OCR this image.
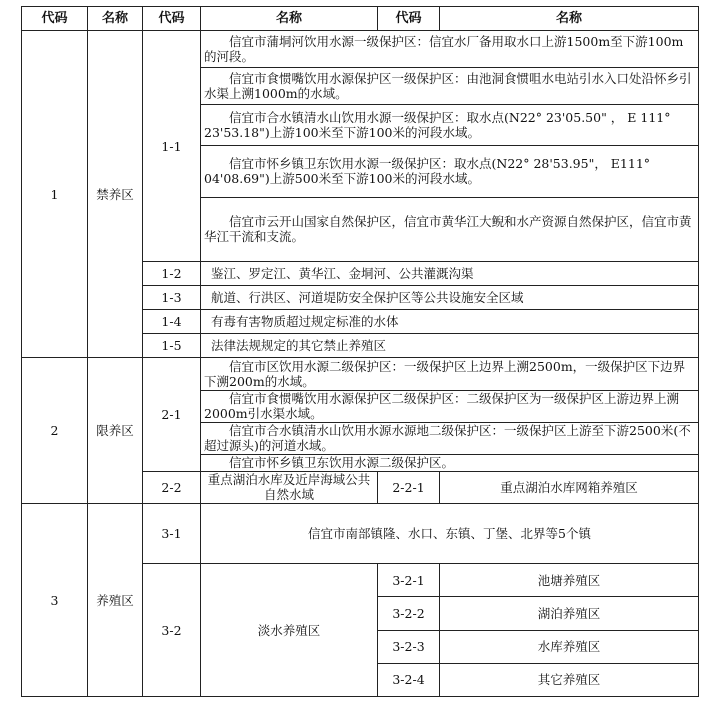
代码	名称	代码	名称	代码	名称
1	禁养区	1-1	信宜市蒲垌河饮用水源一级保护区：信宜水厂备用取水口上游1500m至下游100m的河段。		
			信宜市食惯嘴饮用水源保护区一级保护区：由池洞食惯咀水电站引水入口处沿怀乡引水渠上溯1000m的水域。		
			信宜市合水镇清水山饮用水源一级保护区：取水点(N22° 23'05.50" ， E 111° 23'53.18")上游100米至下游100米的河段水域。		
			信宜市怀乡镇卫东饮用水源一级保护区：取水点(N22° 28'53.95"， E111° 04'08.69")上游500米至下游100米的河段水域。		
			信宜市云开山国家自然保护区，信宜市黄华江大鲵和水产资源自然保护区，信宜市黄华江干流和支流。		
		1-2	鉴江、罗定江、黄华江、金垌河、公共灌溉沟渠		
		1-3	航道、行洪区、河道堤防安全保护区等公共设施安全区域		
		1-4	有毒有害物质超过规定标准的水体		
		1-5	法律法规规定的其它禁止养殖区		
2	限养区	2-1	信宜市区饮用水源二级保护区：一级保护区上边界上溯2500m，一级保护区下边界下溯200m的水域。		
			信宜市食惯嘴饮用水源保护区二级保护区：二级保护区为一级保护区上游边界上溯2000m引水渠水域。		
			信宜市合水镇清水山饮用水源水源地二级保护区：一级保护区上游至下游2500米(不超过源头)的河道水域。		
			信宜市怀乡镇卫东饮用水源二级保护区。		
		2-2	重点湖泊水库及近岸海域公共自然水域	2-2-1	重点湖泊水库网箱养殖区
3	养殖区	3-1	信宜市南部镇隆、水口、东镇、丁堡、北界等5个镇		
		3-2	淡水养殖区	3-2-1	池塘养殖区
				3-2-2	湖泊养殖区
				3-2-3	水库养殖区
				3-2-4	其它养殖区
